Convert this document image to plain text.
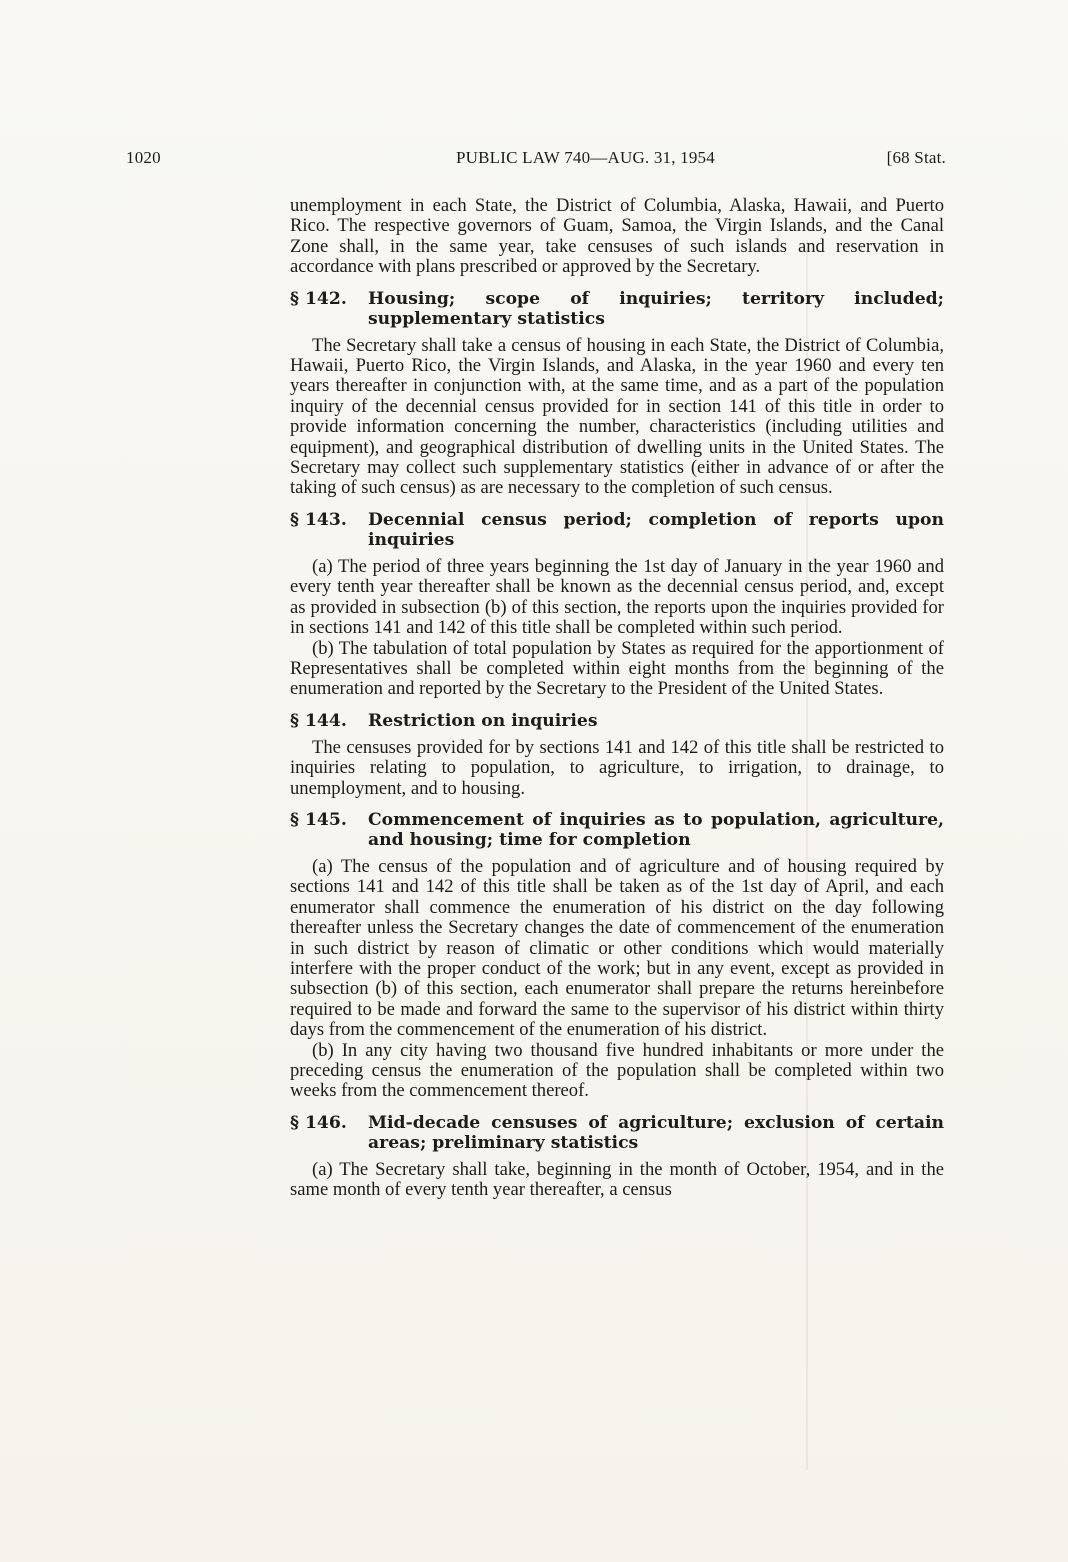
1020	PUBLIC LAW 740—AUG. 31, 1954	[68 Stat.

unemployment in each State, the District of Columbia, Alaska, Hawaii, and Puerto Rico. The respective governors of Guam, Samoa, the Virgin Islands, and the Canal Zone shall, in the same year, take censuses of such islands and reservation in accordance with plans prescribed or approved by the Secretary.

§ 142.	Housing; scope of inquiries; territory included; supplementary statistics

The Secretary shall take a census of housing in each State, the District of Columbia, Hawaii, Puerto Rico, the Virgin Islands, and Alaska, in the year 1960 and every ten years thereafter in conjunction with, at the same time, and as a part of the population inquiry of the decennial census provided for in section 141 of this title in order to provide information concerning the number, characteristics (including utilities and equipment), and geographical distribution of dwelling units in the United States. The Secretary may collect such supplementary statistics (either in advance of or after the taking of such census) as are necessary to the completion of such census.

§ 143.	Decennial census period; completion of reports upon inquiries

(a) The period of three years beginning the 1st day of January in the year 1960 and every tenth year thereafter shall be known as the decennial census period, and, except as provided in subsection (b) of this section, the reports upon the inquiries provided for in sections 141 and 142 of this title shall be completed within such period.

(b) The tabulation of total population by States as required for the apportionment of Representatives shall be completed within eight months from the beginning of the enumeration and reported by the Secretary to the President of the United States.

§ 144.	Restriction on inquiries

The censuses provided for by sections 141 and 142 of this title shall be restricted to inquiries relating to population, to agriculture, to irrigation, to drainage, to unemployment, and to housing.

§ 145.	Commencement of inquiries as to population, agriculture, and housing; time for completion

(a) The census of the population and of agriculture and of housing required by sections 141 and 142 of this title shall be taken as of the 1st day of April, and each enumerator shall commence the enumeration of his district on the day following thereafter unless the Secretary changes the date of commencement of the enumeration in such district by reason of climatic or other conditions which would materially interfere with the proper conduct of the work; but in any event, except as provided in subsection (b) of this section, each enumerator shall prepare the returns hereinbefore required to be made and forward the same to the supervisor of his district within thirty days from the commencement of the enumeration of his district.

(b) In any city having two thousand five hundred inhabitants or more under the preceding census the enumeration of the population shall be completed within two weeks from the commencement thereof.

§ 146.	Mid-decade censuses of agriculture; exclusion of certain areas; preliminary statistics

(a) The Secretary shall take, beginning in the month of October, 1954, and in the same month of every tenth year thereafter, a census
